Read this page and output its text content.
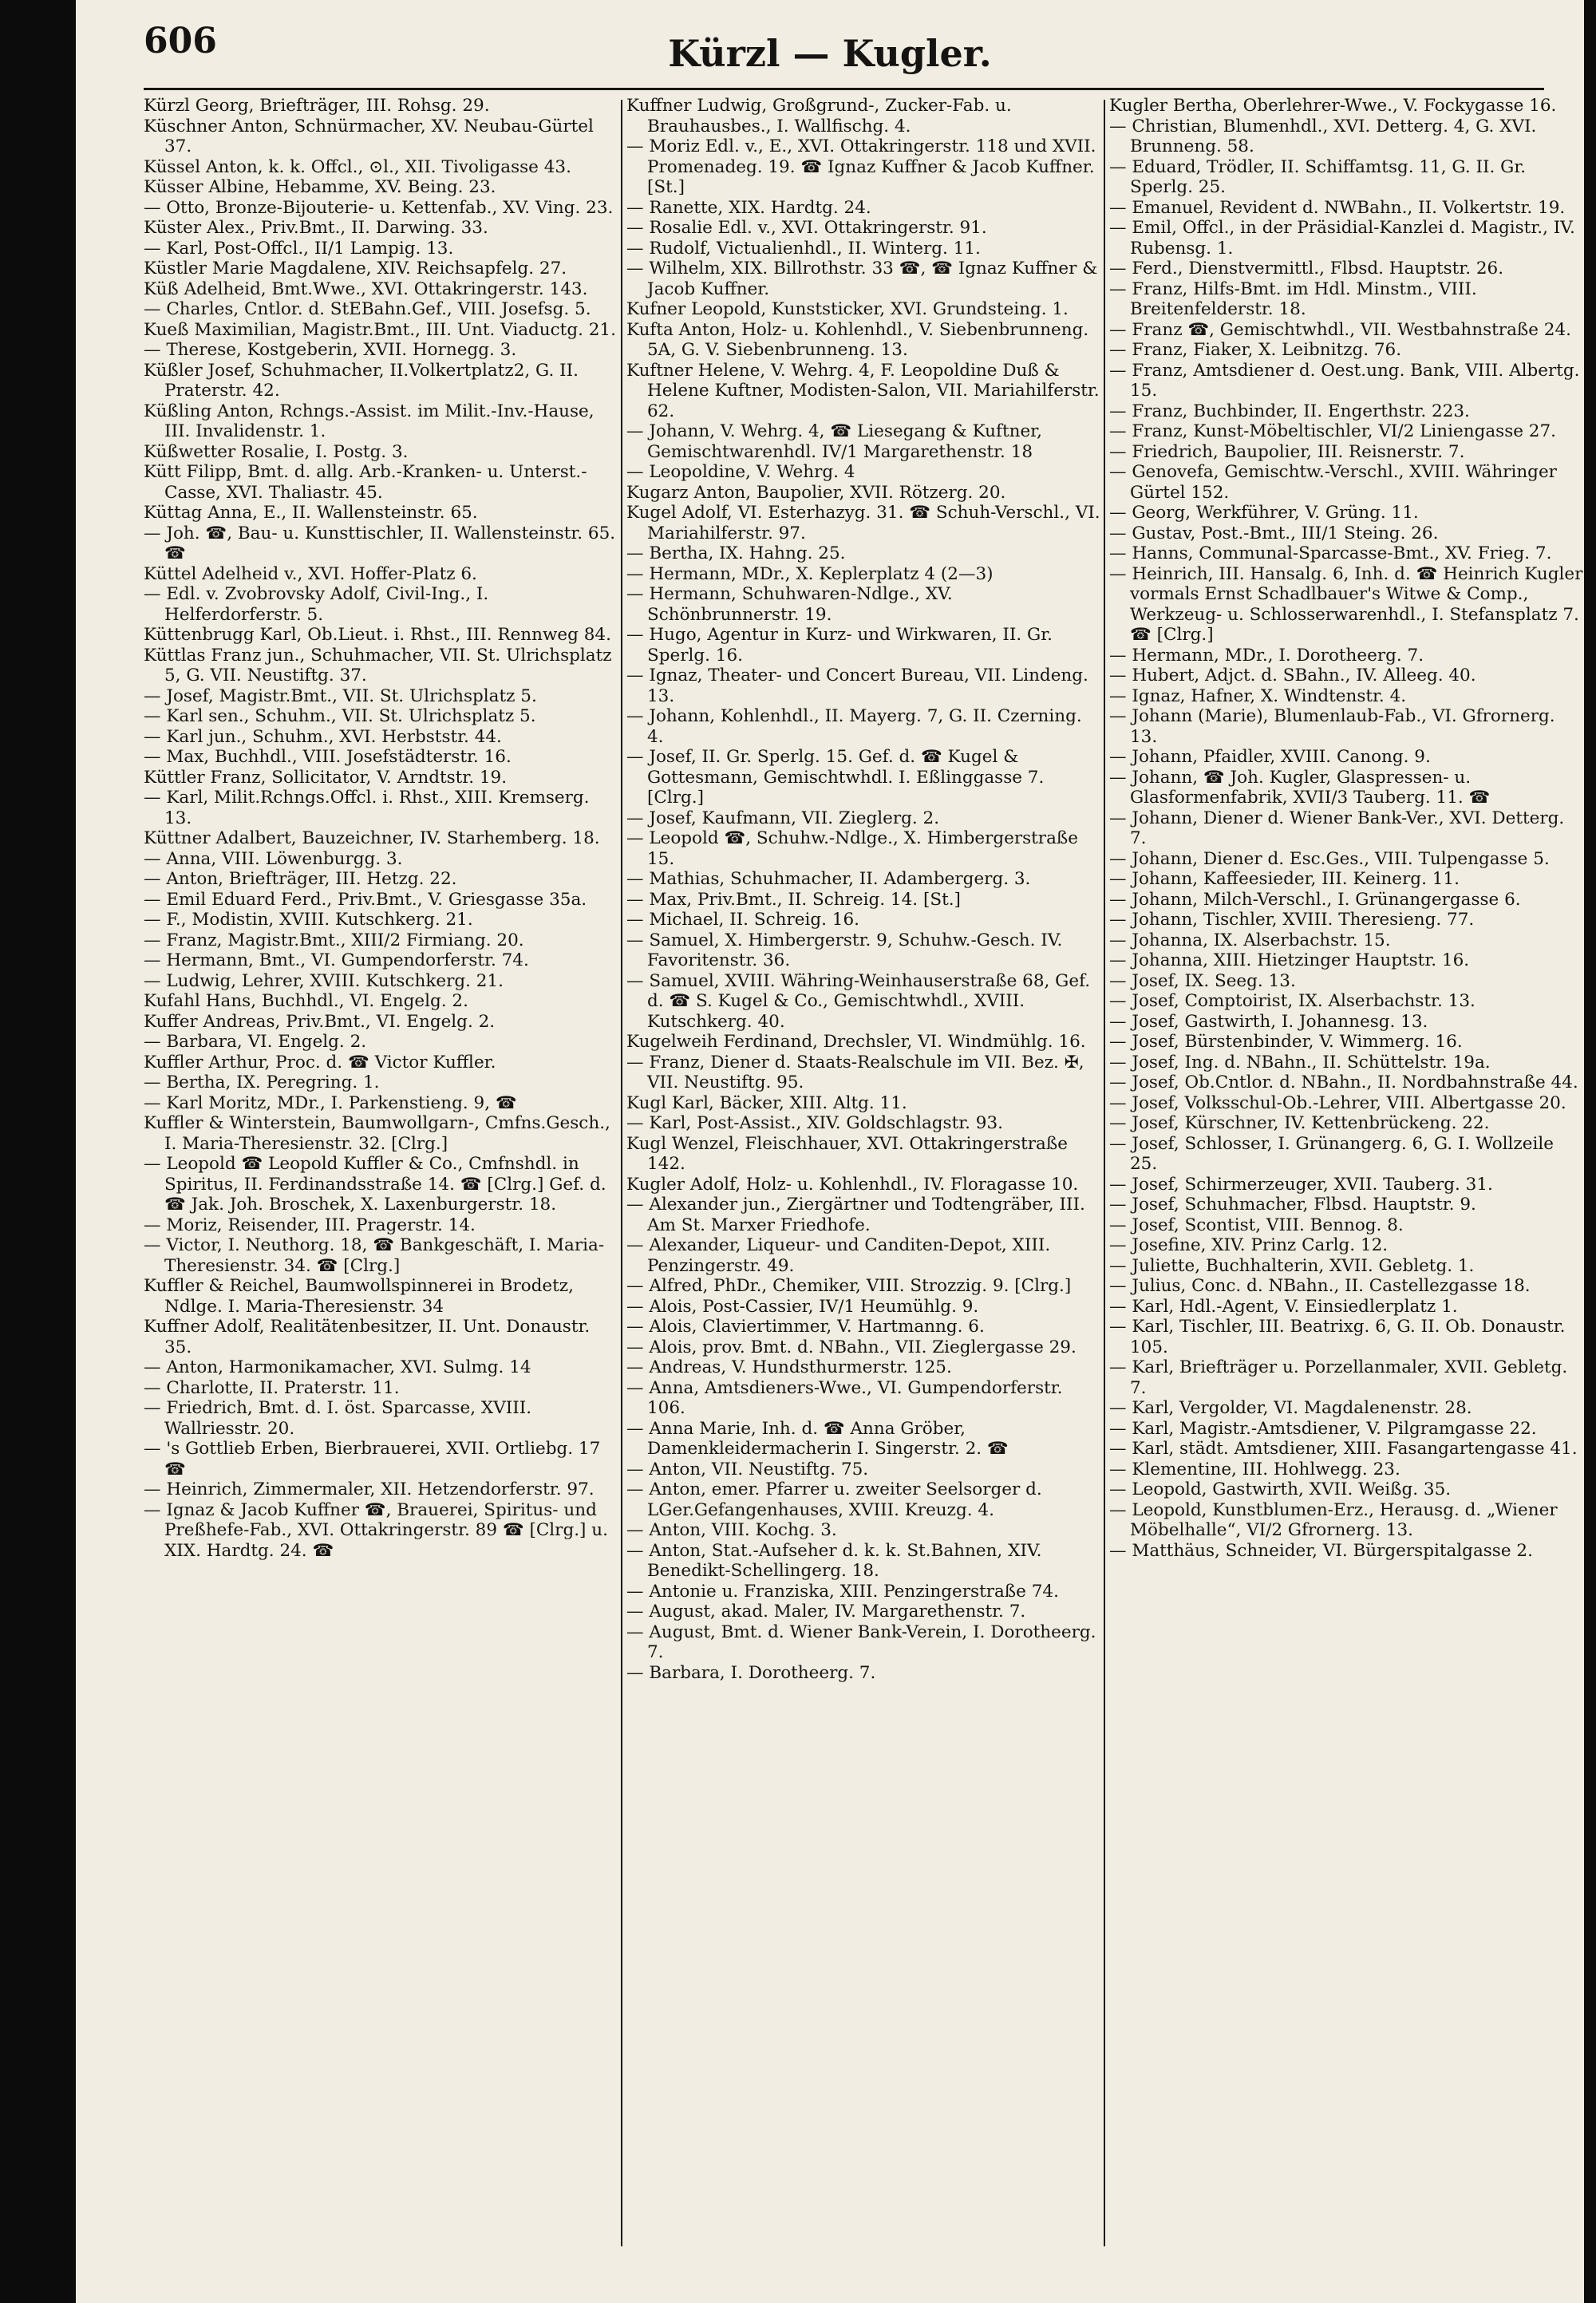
606	Kürzl — Kugler.

Kürzl Georg, Briefträger, III. Rohsg. 29.

Küschner Anton, Schnürmacher, XV. Neubau-Gürtel 37.

Küssel Anton, k. k. Offcl., ⊙l., XII. Tivoligasse 43.

Küsser Albine, Hebamme, XV. Being. 23.

— Otto, Bronze-Bijouterie- u. Kettenfab., XV. Ving. 23.

Küster Alex., Priv.Bmt., II. Darwing. 33.

— Karl, Post-Offcl., II/1 Lampig. 13.

Küstler Marie Magdalene, XIV. Reichsapfelg. 27.

Küß Adelheid, Bmt.Wwe., XVI. Ottakringerstr. 143.

— Charles, Cntlor. d. StEBahn.Gef., VIII. Josefsg. 5.

Kueß Maximilian, Magistr.Bmt., III. Unt. Viaductg. 21.

— Therese, Kostgeberin, XVII. Hornegg. 3.

Küßler Josef, Schuhmacher, II.Volkertplatz2, G. II. Praterstr. 42.

Küßling Anton, Rchngs.-Assist. im Milit.-Inv.-Hause, III. Invalidenstr. 1.

Küßwetter Rosalie, I. Postg. 3.

Kütt Filipp, Bmt. d. allg. Arb.-Kranken- u. Unterst.-Casse, XVI. Thaliastr. 45.

Küttag Anna, E., II. Wallensteinstr. 65.

— Joh. ☎, Bau- u. Kunsttischler, II. Wallensteinstr. 65. ☎

Küttel Adelheid v., XVI. Hoffer-Platz 6.

— Edl. v. Zvobrovsky Adolf, Civil-Ing., I. Helferdorferstr. 5.

Küttenbrugg Karl, Ob.Lieut. i. Rhst., III. Rennweg 84.

Küttlas Franz jun., Schuhmacher, VII. St. Ulrichsplatz 5, G. VII. Neustiftg. 37.

— Josef, Magistr.Bmt., VII. St. Ulrichsplatz 5.

— Karl sen., Schuhm., VII. St. Ulrichsplatz 5.

— Karl jun., Schuhm., XVI. Herbststr. 44.

— Max, Buchhdl., VIII. Josefstädterstr. 16.

Küttler Franz, Sollicitator, V. Arndtstr. 19.

— Karl, Milit.Rchngs.Offcl. i. Rhst., XIII. Kremserg. 13.

Küttner Adalbert, Bauzeichner, IV. Starhemberg. 18.

— Anna, VIII. Löwenburgg. 3.

— Anton, Briefträger, III. Hetzg. 22.

— Emil Eduard Ferd., Priv.Bmt., V. Griesgasse 35a.

— F., Modistin, XVIII. Kutschkerg. 21.

— Franz, Magistr.Bmt., XIII/2 Firmiang. 20.

— Hermann, Bmt., VI. Gumpendorferstr. 74.

— Ludwig, Lehrer, XVIII. Kutschkerg. 21.

Kufahl Hans, Buchhdl., VI. Engelg. 2.

Kuffer Andreas, Priv.Bmt., VI. Engelg. 2.

— Barbara, VI. Engelg. 2.

Kuffler Arthur, Proc. d. ☎ Victor Kuffler.

— Bertha, IX. Peregring. 1.

— Karl Moritz, MDr., I. Parkenstieng. 9, ☎

Kuffler & Winterstein, Baumwollgarn-, Cmfns.Gesch., I. Maria-Theresienstr. 32. [Clrg.]

— Leopold ☎ Leopold Kuffler & Co., Cmfnshdl. in Spiritus, II. Ferdinandsstraße 14. ☎ [Clrg.] Gef. d. ☎ Jak. Joh. Broschek, X. Laxenburgerstr. 18.

— Moriz, Reisender, III. Pragerstr. 14.

— Victor, I. Neuthorg. 18, ☎ Bankgeschäft, I. Maria-Theresienstr. 34. ☎ [Clrg.]

Kuffler & Reichel, Baumwollspinnerei in Brodetz, Ndlge. I. Maria-Theresienstr. 34

Kuffner Adolf, Realitätenbesitzer, II. Unt. Donaustr. 35.

— Anton, Harmonikamacher, XVI. Sulmg. 14

— Charlotte, II. Praterstr. 11.

— Friedrich, Bmt. d. I. öst. Sparcasse, XVIII. Wallriesstr. 20.

— 's Gottlieb Erben, Bierbrauerei, XVII. Ortliebg. 17 ☎

— Heinrich, Zimmermaler, XII. Hetzendorferstr. 97.

— Ignaz & Jacob Kuffner ☎, Brauerei, Spiritus- und Preßhefe-Fab., XVI. Ottakringerstr. 89 ☎ [Clrg.] u. XIX. Hardtg. 24. ☎

Kuffner Ludwig, Großgrund-, Zucker-Fab. u. Brauhausbes., I. Wallfischg. 4.

— Moriz Edl. v., E., XVI. Ottakringerstr. 118 und XVII. Promenadeg. 19. ☎ Ignaz Kuffner & Jacob Kuffner. [St.]

— Ranette, XIX. Hardtg. 24.

— Rosalie Edl. v., XVI. Ottakringerstr. 91.

— Rudolf, Victualienhdl., II. Winterg. 11.

— Wilhelm, XIX. Billrothstr. 33 ☎, ☎ Ignaz Kuffner & Jacob Kuffner.

Kufner Leopold, Kunststicker, XVI. Grundsteing. 1.

Kufta Anton, Holz- u. Kohlenhdl., V. Siebenbrunneng. 5A, G. V. Siebenbrunneng. 13.

Kuftner Helene, V. Wehrg. 4, F. Leopoldine Duß & Helene Kuftner, Modisten-Salon, VII. Mariahilferstr. 62.

— Johann, V. Wehrg. 4, ☎ Liesegang & Kuftner, Gemischtwarenhdl. IV/1 Margarethenstr. 18

— Leopoldine, V. Wehrg. 4

Kugarz Anton, Baupolier, XVII. Rötzerg. 20.

Kugel Adolf, VI. Esterhazyg. 31. ☎ Schuh-Verschl., VI. Mariahilferstr. 97.

— Bertha, IX. Hahng. 25.

— Hermann, MDr., X. Keplerplatz 4 (2—3)

— Hermann, Schuhwaren-Ndlge., XV. Schönbrunnerstr. 19.

— Hugo, Agentur in Kurz- und Wirkwaren, II. Gr. Sperlg. 16.

— Ignaz, Theater- und Concert Bureau, VII. Lindeng. 13.

— Johann, Kohlenhdl., II. Mayerg. 7, G. II. Czerning. 4.

— Josef, II. Gr. Sperlg. 15. Gef. d. ☎ Kugel & Gottesmann, Gemischtwhdl. I. Eßlinggasse 7. [Clrg.]

— Josef, Kaufmann, VII. Zieglerg. 2.

— Leopold ☎, Schuhw.-Ndlge., X. Himbergerstraße 15.

— Mathias, Schuhmacher, II. Adambergerg. 3.

— Max, Priv.Bmt., II. Schreig. 14. [St.]

— Michael, II. Schreig. 16.

— Samuel, X. Himbergerstr. 9, Schuhw.-Gesch. IV. Favoritenstr. 36.

— Samuel, XVIII. Währing-Weinhauserstraße 68, Gef. d. ☎ S. Kugel & Co., Gemischtwhdl., XVIII. Kutschkerg. 40.

Kugelweih Ferdinand, Drechsler, VI. Windmühlg. 16.

— Franz, Diener d. Staats-Realschule im VII. Bez. ✠, VII. Neustiftg. 95.

Kugl Karl, Bäcker, XIII. Altg. 11.

— Karl, Post-Assist., XIV. Goldschlagstr. 93.

Kugl Wenzel, Fleischhauer, XVI. Ottakringerstraße 142.

Kugler Adolf, Holz- u. Kohlenhdl., IV. Floragasse 10.

— Alexander jun., Ziergärtner und Todtengräber, III. Am St. Marxer Friedhofe.

— Alexander, Liqueur- und Canditen-Depot, XIII. Penzingerstr. 49.

— Alfred, PhDr., Chemiker, VIII. Strozzig. 9. [Clrg.]

— Alois, Post-Cassier, IV/1 Heumühlg. 9.

— Alois, Claviertimmer, V. Hartmanng. 6.

— Alois, prov. Bmt. d. NBahn., VII. Zieglergasse 29.

— Andreas, V. Hundsthurmerstr. 125.

— Anna, Amtsdieners-Wwe., VI. Gumpendorferstr. 106.

— Anna Marie, Inh. d. ☎ Anna Gröber, Damenkleidermacherin I. Singerstr. 2. ☎

— Anton, VII. Neustiftg. 75.

— Anton, emer. Pfarrer u. zweiter Seelsorger d. LGer.Gefangenhauses, XVIII. Kreuzg. 4.

— Anton, VIII. Kochg. 3.

— Anton, Stat.-Aufseher d. k. k. St.Bahnen, XIV. Benedikt-Schellingerg. 18.

— Antonie u. Franziska, XIII. Penzingerstraße 74.

— August, akad. Maler, IV. Margarethenstr. 7.

— August, Bmt. d. Wiener Bank-Verein, I. Dorotheerg. 7.

— Barbara, I. Dorotheerg. 7.

Kugler Bertha, Oberlehrer-Wwe., V. Fockygasse 16.

— Christian, Blumenhdl., XVI. Detterg. 4, G. XVI. Brunneng. 58.

— Eduard, Trödler, II. Schiffamtsg. 11, G. II. Gr. Sperlg. 25.

— Emanuel, Revident d. NWBahn., II. Volkertstr. 19.

— Emil, Offcl., in der Präsidial-Kanzlei d. Magistr., IV. Rubensg. 1.

— Ferd., Dienstvermittl., Flbsd. Hauptstr. 26.

— Franz, Hilfs-Bmt. im Hdl. Minstm., VIII. Breitenfelderstr. 18.

— Franz ☎, Gemischtwhdl., VII. Westbahnstraße 24.

— Franz, Fiaker, X. Leibnitzg. 76.

— Franz, Amtsdiener d. Oest.ung. Bank, VIII. Albertg. 15.

— Franz, Buchbinder, II. Engerthstr. 223.

— Franz, Kunst-Möbeltischler, VI/2 Liniengasse 27.

— Friedrich, Baupolier, III. Reisnerstr. 7.

— Genovefa, Gemischtw.-Verschl., XVIII. Währinger Gürtel 152.

— Georg, Werkführer, V. Grüng. 11.

— Gustav, Post.-Bmt., III/1 Steing. 26.

— Hanns, Communal-Sparcasse-Bmt., XV. Frieg. 7.

— Heinrich, III. Hansalg. 6, Inh. d. ☎ Heinrich Kugler vormals Ernst Schadlbauer's Witwe & Comp., Werkzeug- u. Schlosserwarenhdl., I. Stefansplatz 7. ☎ [Clrg.]

— Hermann, MDr., I. Dorotheerg. 7.

— Hubert, Adjct. d. SBahn., IV. Alleeg. 40.

— Ignaz, Hafner, X. Windtenstr. 4.

— Johann (Marie), Blumenlaub-Fab., VI. Gfrornerg. 13.

— Johann, Pfaidler, XVIII. Canong. 9.

— Johann, ☎ Joh. Kugler, Glaspressen- u. Glasformenfabrik, XVII/3 Tauberg. 11. ☎

— Johann, Diener d. Wiener Bank-Ver., XVI. Detterg. 7.

— Johann, Diener d. Esc.Ges., VIII. Tulpengasse 5.

— Johann, Kaffeesieder, III. Keinerg. 11.

— Johann, Milch-Verschl., I. Grünangergasse 6.

— Johann, Tischler, XVIII. Theresieng. 77.

— Johanna, IX. Alserbachstr. 15.

— Johanna, XIII. Hietzinger Hauptstr. 16.

— Josef, IX. Seeg. 13.

— Josef, Comptoirist, IX. Alserbachstr. 13.

— Josef, Gastwirth, I. Johannesg. 13.

— Josef, Bürstenbinder, V. Wimmerg. 16.

— Josef, Ing. d. NBahn., II. Schüttelstr. 19a.

— Josef, Ob.Cntlor. d. NBahn., II. Nordbahnstraße 44.

— Josef, Volksschul-Ob.-Lehrer, VIII. Albertgasse 20.

— Josef, Kürschner, IV. Kettenbrückeng. 22.

— Josef, Schlosser, I. Grünangerg. 6, G. I. Wollzeile 25.

— Josef, Schirmerzeuger, XVII. Tauberg. 31.

— Josef, Schuhmacher, Flbsd. Hauptstr. 9.

— Josef, Scontist, VIII. Bennog. 8.

— Josefine, XIV. Prinz Carlg. 12.

— Juliette, Buchhalterin, XVII. Gebletg. 1.

— Julius, Conc. d. NBahn., II. Castellezgasse 18.

— Karl, Hdl.-Agent, V. Einsiedlerplatz 1.

— Karl, Tischler, III. Beatrixg. 6, G. II. Ob. Donaustr. 105.

— Karl, Briefträger u. Porzellanmaler, XVII. Gebletg. 7.

— Karl, Vergolder, VI. Magdalenenstr. 28.

— Karl, Magistr.-Amtsdiener, V. Pilgramgasse 22.

— Karl, städt. Amtsdiener, XIII. Fasangartengasse 41.

— Klementine, III. Hohlwegg. 23.

— Leopold, Gastwirth, XVII. Weißg. 35.

— Leopold, Kunstblumen-Erz., Herausg. d. „Wiener Möbelhalle“, VI/2 Gfrornerg. 13.

— Matthäus, Schneider, VI. Bürgerspitalgasse 2.
